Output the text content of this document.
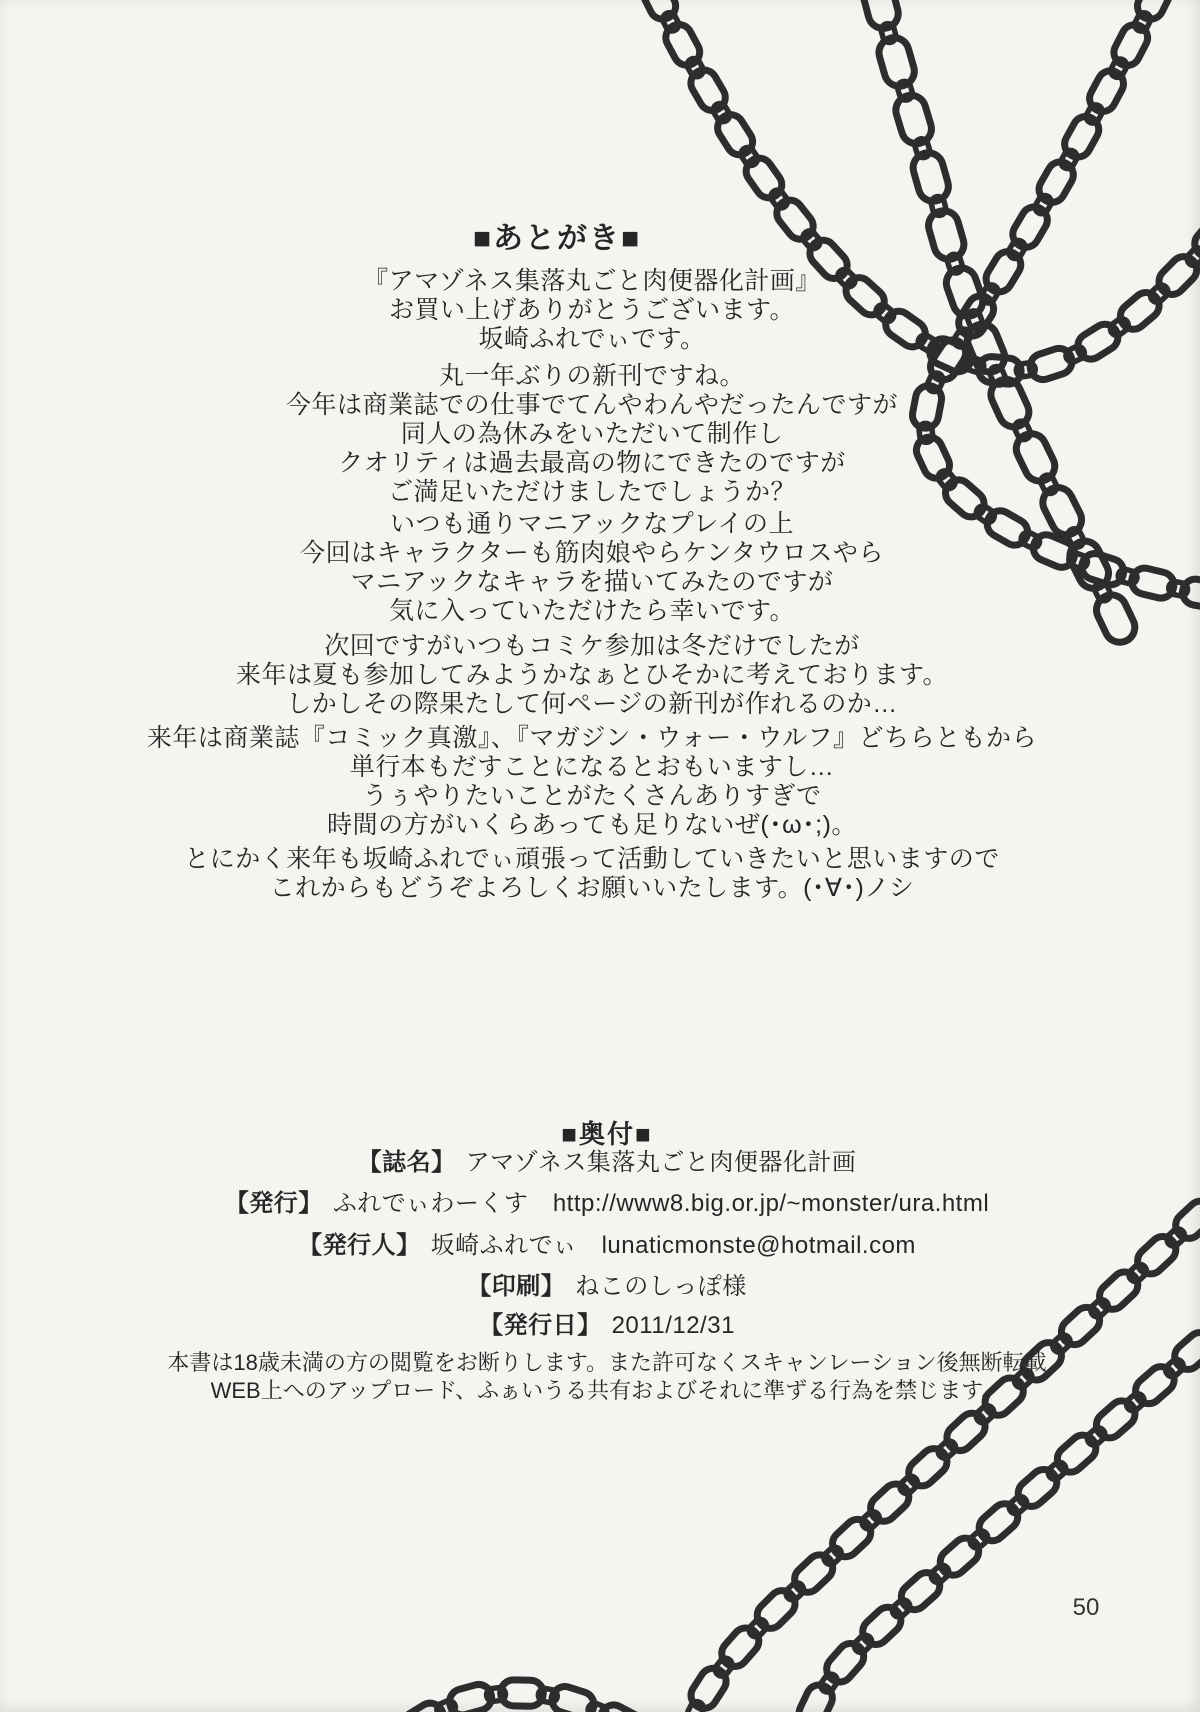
■あとがき■
『アマゾネス集落丸ごと肉便器化計画』
お買い上げありがとうございます。
坂崎ふれでぃです。
丸一年ぶりの新刊ですね。
今年は商業誌での仕事でてんやわんやだったんですが
同人の為休みをいただいて制作し
クオリティは過去最高の物にできたのですが
ご満足いただけましたでしょうか？
いつも通りマニアックなプレイの上
今回はキャラクターも筋肉娘やらケンタウロスやら
マニアックなキャラを描いてみたのですが
気に入っていただけたら幸いです。
次回ですがいつもコミケ参加は冬だけでしたが
来年は夏も参加してみようかなぁとひそかに考えております。
しかしその際果たして何ページの新刊が作れるのか…
来年は商業誌『コミック真激』、『マガジン・ウォー・ウルフ』どちらともから
単行本もだすことになるとおもいますし…
うぅやりたいことがたくさんありすぎで
時間の方がいくらあっても足りないぜ(･ω･;)。
とにかく来年も坂崎ふれでぃ頑張って活動していきたいと思いますので
これからもどうぞよろしくお願いいたします。(･∀･)ノシ
■奥付■
【誌名】 アマゾネス集落丸ごと肉便器化計画
【発行】 ふれでぃわーくす　http://www8.big.or.jp/~monster/ura.html
【発行人】 坂崎ふれでぃ　lunaticmonste@hotmail.com
【印刷】 ねこのしっぽ様
【発行日】 2011/12/31
本書は18歳未満の方の閲覧をお断りします。また許可なくスキャンレーション後無断転載
WEB上へのアップロード、ふぁいうる共有およびそれに準ずる行為を禁じます。
50
